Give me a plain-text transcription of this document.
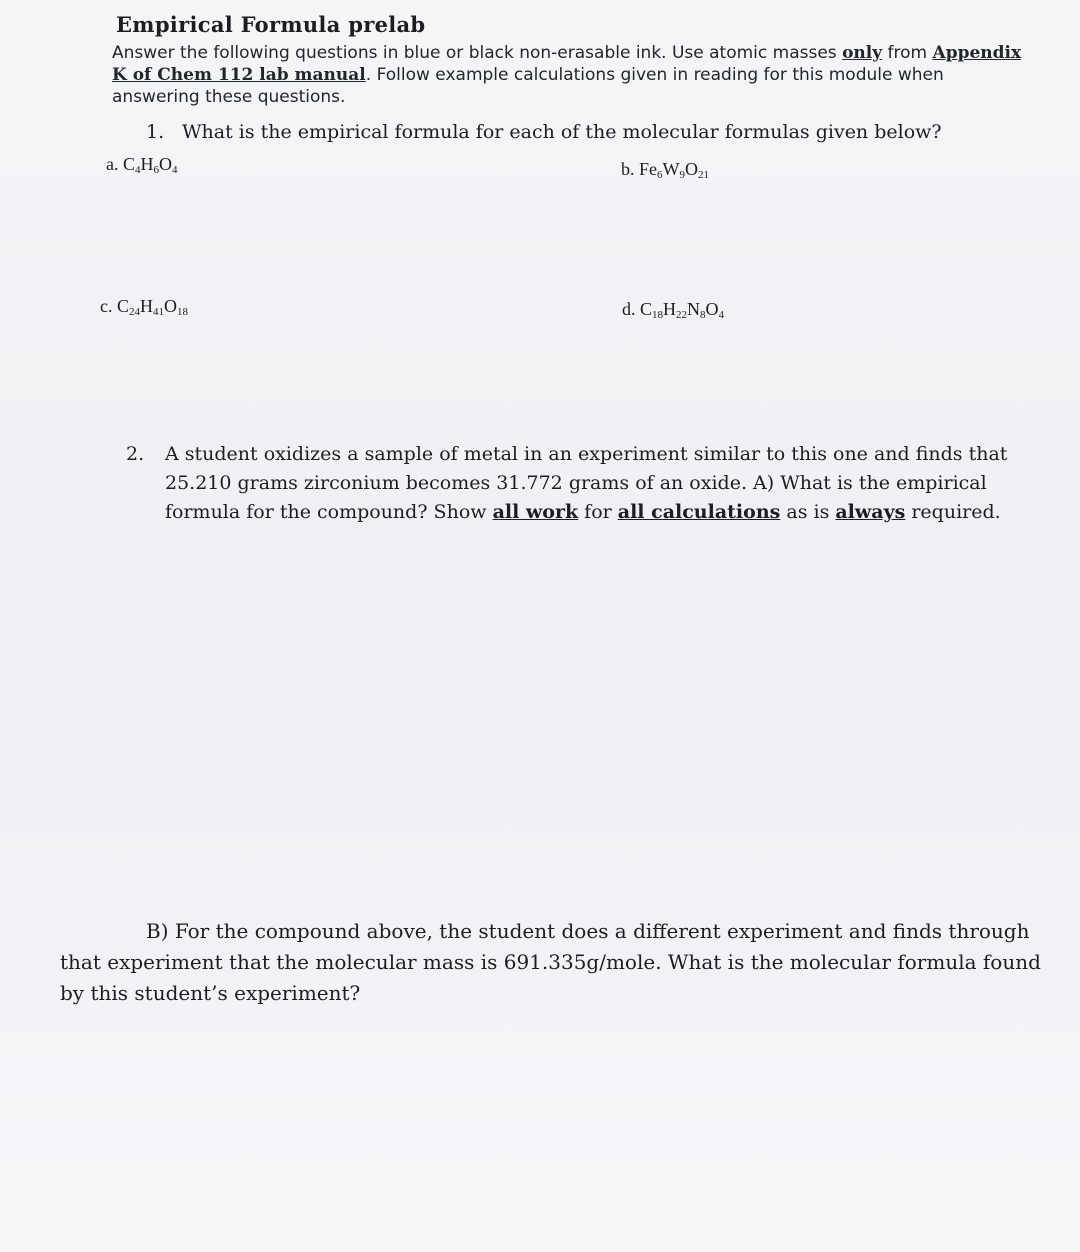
Empirical Formula prelab
Answer the following questions in blue or black non-erasable ink. Use atomic masses only from Appendix K of Chem 112 lab manual. Follow example calculations given in reading for this module when answering these questions.
1. What is the empirical formula for each of the molecular formulas given below?
a. $C_4H_6O_4$	b. $Fe_6W_9O_{21}$
c. $C_{24}H_{41}O_{18}$	d. $C_{18}H_{22}N_8O_4$
2. A student oxidizes a sample of metal in an experiment similar to this one and finds that 25.210 grams zirconium becomes 31.772 grams of an oxide. A) What is the empirical formula for the compound? Show all work for all calculations as is always required.
B) For the compound above, the student does a different experiment and finds through that experiment that the molecular mass is 691.335g/mole. What is the molecular formula found by this student’s experiment?
